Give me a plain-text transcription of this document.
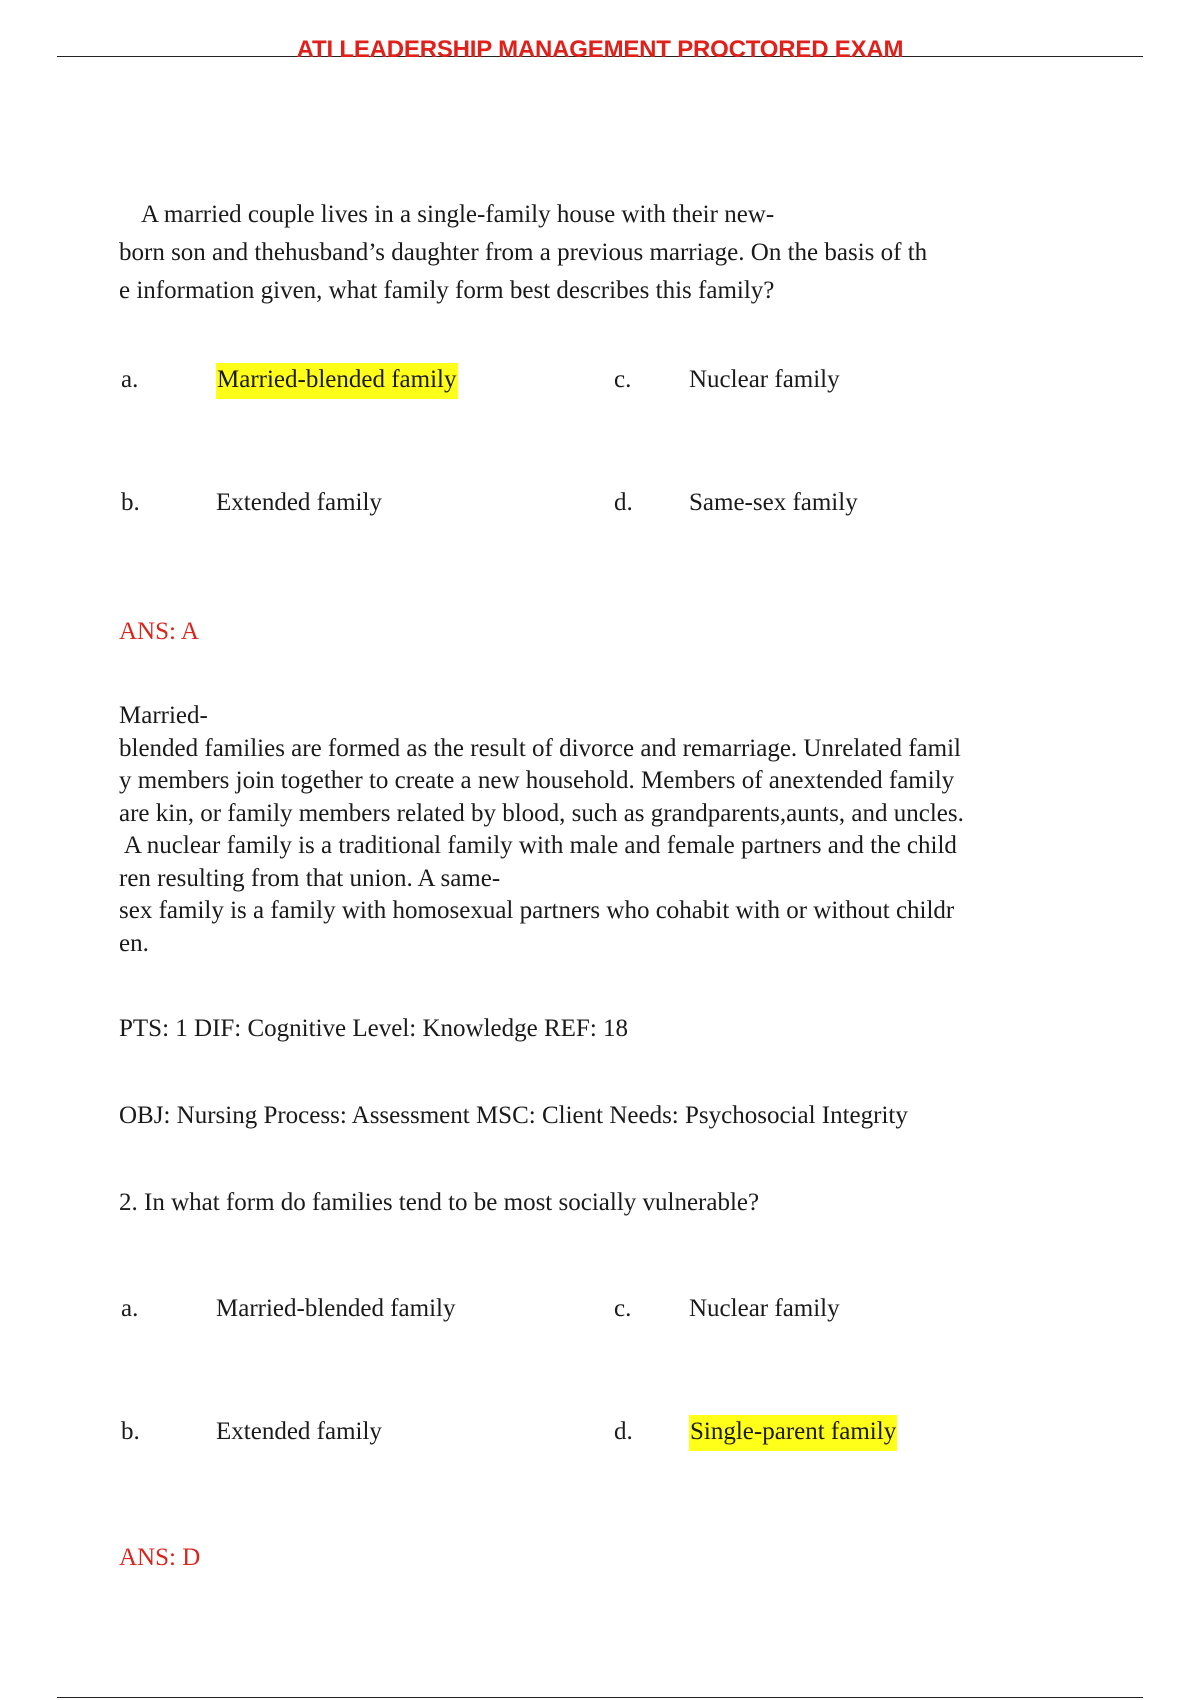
ATI LEADERSHIP MANAGEMENT PROCTORED EXAM
A married couple lives in a single-family house with their new-
born son and thehusband’s daughter from a previous marriage. On the basis of th
e information given, what family form best describes this family?
a.	Married-blended family
b.	Extended family
c. Nuclear family
d. Same-sex family
ANS: A
Married-
blended families are formed as the result of divorce and remarriage. Unrelated famil
y members join together to create a new household. Members of anextended family
are kin, or family members related by blood, such as grandparents,aunts, and uncles.
A nuclear family is a traditional family with male and female partners and the child
ren resulting from that union. A same-
sex family is a family with homosexual partners who cohabit with or without childr
en.
PTS: 1 DIF: Cognitive Level: Knowledge REF: 18
OBJ: Nursing Process: Assessment MSC: Client Needs: Psychosocial Integrity
2. In what form do families tend to be most socially vulnerable?
a.	Married-blended family
b.	Extended family
c. Nuclear family
d. Single-parent family
ANS: D
